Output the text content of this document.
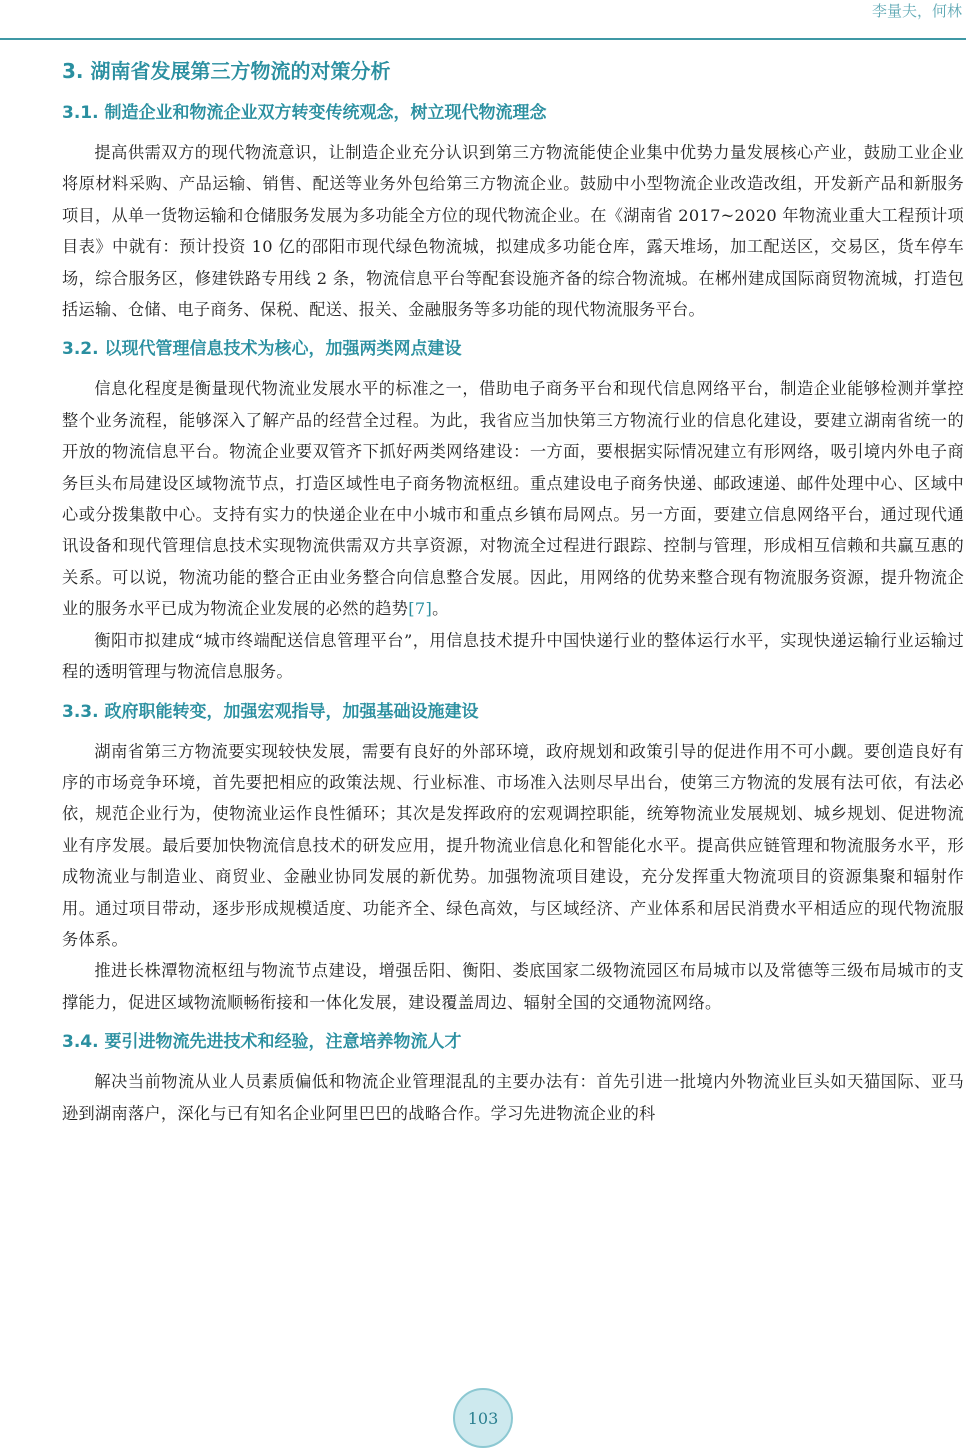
李量夫，何林
3. 湖南省发展第三方物流的对策分析
3.1. 制造企业和物流企业双方转变传统观念，树立现代物流理念

提高供需双方的现代物流意识，让制造企业充分认识到第三方物流能使企业集中优势力量发展核心产业，鼓励工业企业将原材料采购、产品运输、销售、配送等业务外包给第三方物流企业。鼓励中小型物流企业改造改组，开发新产品和新服务项目，从单一货物运输和仓储服务发展为多功能全方位的现代物流企业。在《湖南省 2017~2020 年物流业重大工程预计项目表》中就有：预计投资 10 亿的邵阳市现代绿色物流城，拟建成多功能仓库，露天堆场，加工配送区，交易区，货车停车场，综合服务区，修建铁路专用线 2 条，物流信息平台等配套设施齐备的综合物流城。在郴州建成国际商贸物流城，打造包括运输、仓储、电子商务、保税、配送、报关、金融服务等多功能的现代物流服务平台。

3.2. 以现代管理信息技术为核心，加强两类网点建设

信息化程度是衡量现代物流业发展水平的标准之一，借助电子商务平台和现代信息网络平台，制造企业能够检测并掌控整个业务流程，能够深入了解产品的经营全过程。为此，我省应当加快第三方物流行业的信息化建设，要建立湖南省统一的开放的物流信息平台。物流企业要双管齐下抓好两类网络建设：一方面，要根据实际情况建立有形网络，吸引境内外电子商务巨头布局建设区域物流节点，打造区域性电子商务物流枢纽。重点建设电子商务快递、邮政速递、邮件处理中心、区域中心或分拨集散中心。支持有实力的快递企业在中小城市和重点乡镇布局网点。另一方面，要建立信息网络平台，通过现代通讯设备和现代管理信息技术实现物流供需双方共享资源，对物流全过程进行跟踪、控制与管理，形成相互信赖和共赢互惠的关系。可以说，物流功能的整合正由业务整合向信息整合发展。因此，用网络的优势来整合现有物流服务资源，提升物流企业的服务水平已成为物流企业发展的必然的趋势[7]。

衡阳市拟建成“城市终端配送信息管理平台”，用信息技术提升中国快递行业的整体运行水平，实现快递运输行业运输过程的透明管理与物流信息服务。

3.3. 政府职能转变，加强宏观指导，加强基础设施建设

湖南省第三方物流要实现较快发展，需要有良好的外部环境，政府规划和政策引导的促进作用不可小觑。要创造良好有序的市场竞争环境，首先要把相应的政策法规、行业标准、市场准入法则尽早出台，使第三方物流的发展有法可依，有法必依，规范企业行为，使物流业运作良性循环；其次是发挥政府的宏观调控职能，统筹物流业发展规划、城乡规划、促进物流业有序发展。最后要加快物流信息技术的研发应用，提升物流业信息化和智能化水平。提高供应链管理和物流服务水平，形成物流业与制造业、商贸业、金融业协同发展的新优势。加强物流项目建设，充分发挥重大物流项目的资源集聚和辐射作用。通过项目带动，逐步形成规模适度、功能齐全、绿色高效，与区域经济、产业体系和居民消费水平相适应的现代物流服务体系。

推进长株潭物流枢纽与物流节点建设，增强岳阳、衡阳、娄底国家二级物流园区布局城市以及常德等三级布局城市的支撑能力，促进区域物流顺畅衔接和一体化发展，建设覆盖周边、辐射全国的交通物流网络。

3.4. 要引进物流先进技术和经验，注意培养物流人才

解决当前物流从业人员素质偏低和物流企业管理混乱的主要办法有：首先引进一批境内外物流业巨头如天猫国际、亚马逊到湖南落户，深化与已有知名企业阿里巴巴的战略合作。学习先进物流企业的科

103
